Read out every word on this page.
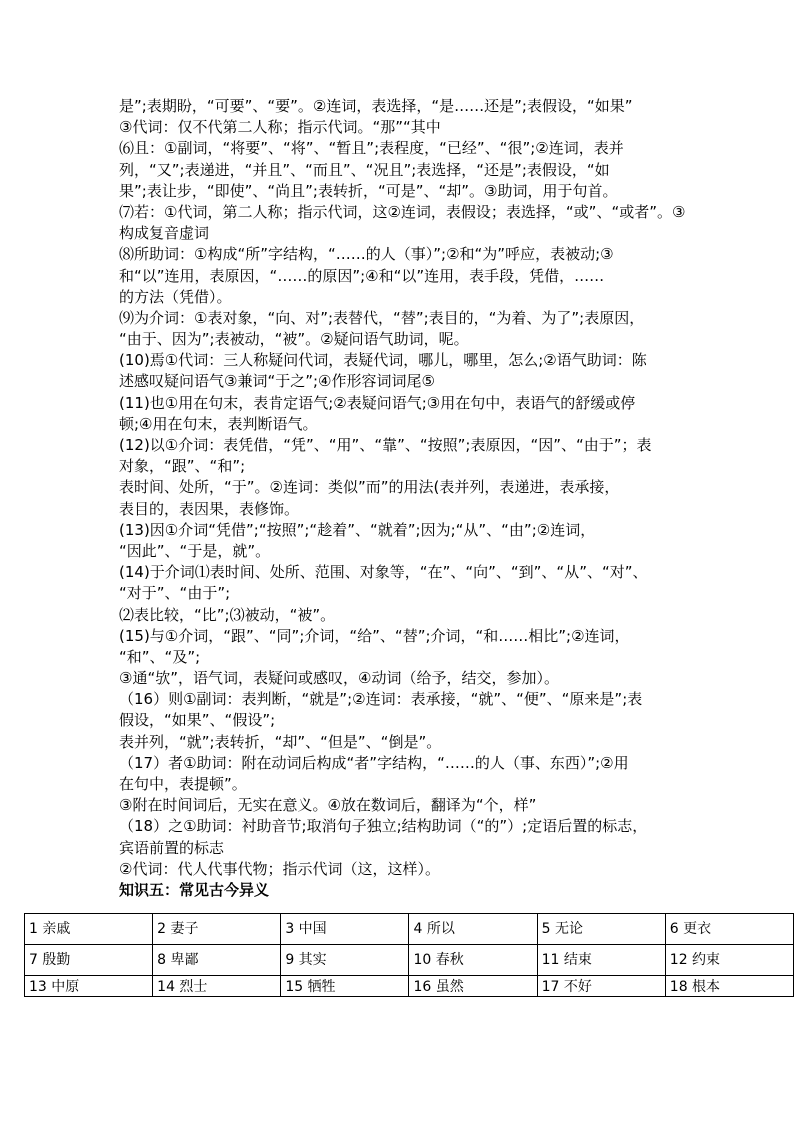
是”;表期盼，“可要”、“要”。②连词，表选择，“是……还是”;表假设，“如果”
③代词：仅不代第二人称；指示代词。“那”“其中
⑹且：①副词，“将要”、“将”、“暂且”;表程度，“已经”、“很”;②连词，表并
列，“又”;表递进，“并且”、“而且”、“况且”;表选择，“还是”;表假设，“如
果”;表让步，“即使”、“尚且”;表转折，“可是”、“却”。③助词，用于句首。
⑺若：①代词，第二人称；指示代词，这②连词，表假设；表选择，“或”、“或者”。③
构成复音虚词
⑻所助词：①构成“所”字结构，“……的人（事）”;②和“为”呼应，表被动;③
和“以”连用，表原因，“……的原因”;④和“以”连用，表手段，凭借，……
的方法（凭借）。
⑼为介词：①表对象，“向、对”;表替代，“替”;表目的，“为着、为了”;表原因，
“由于、因为”;表被动，“被”。②疑问语气助词，呢。
(10)焉①代词：三人称疑问代词，表疑代词，哪儿，哪里，怎么;②语气助词：陈
述感叹疑问语气③兼词“于之”;④作形容词词尾⑤
(11)也①用在句末，表肯定语气;②表疑问语气;③用在句中，表语气的舒缓或停
顿;④用在句末，表判断语气。
(12)以①介词：表凭借，“凭”、“用”、“靠”、“按照”;表原因，“因”、“由于”；表
对象，“跟”、“和”;
表时间、处所，“于”。②连词：类似”而”的用法(表并列，表递进，表承接，
表目的，表因果，表修饰。
(13)因①介词“凭借”;“按照”;“趁着”、“就着”;因为;“从”、“由”;②连词，
“因此”、“于是，就”。
(14)于介词⑴表时间、处所、范围、对象等，“在”、“向”、“到”、“从”、“对”、
“对于”、“由于”;
⑵表比较，“比”;⑶被动，“被”。
(15)与①介词，“跟”、“同”;介词，“给”、“替”;介词，“和……相比”;②连词，
“和”、“及”;
③通“欤”，语气词，表疑问或感叹，④动词（给予，结交，参加）。
（16）则①副词：表判断，“就是”;②连词：表承接，“就”、“便”、“原来是”;表
假设，“如果”、“假设”;
表并列，“就”;表转折，“却”、“但是”、“倒是”。
（17）者①助词：附在动词后构成“者”字结构，“……的人（事、东西）”;②用
在句中，表提顿”。
③附在时间词后，无实在意义。④放在数词后，翻译为“个，样”
（18）之①助词：衬助音节;取消句子独立;结构助词（“的”）;定语后置的标志，
宾语前置的标志
②代词：代人代事代物；指示代词（这，这样）。
知识五：常见古今异义
1 亲戚	2 妻子	3 中国	4 所以	5 无论	6 更衣
7 殷勤	8 卑鄙	9 其实	10 春秋	11 结束	12 约束
13 中原	14 烈士	15 牺牲	16 虽然	17 不好	18 根本
